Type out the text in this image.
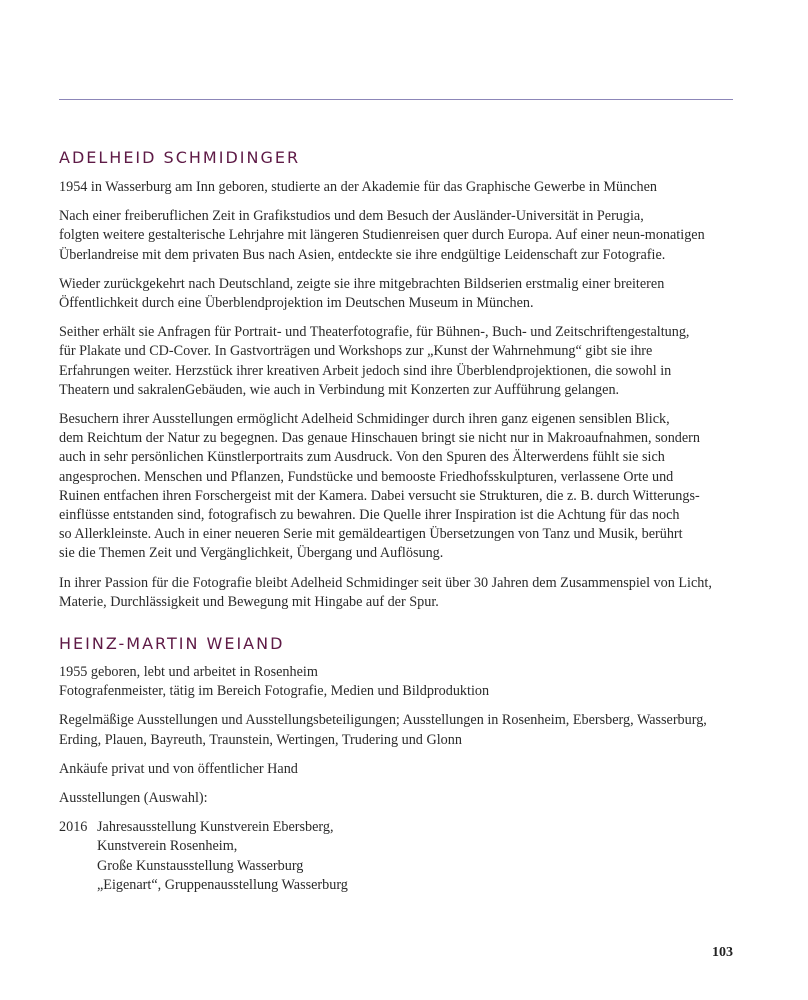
ADELHEID SCHMIDINGER

1954 in Wasserburg am Inn geboren, studierte an der Akademie für das Graphische Gewerbe in München

Nach einer freiberuflichen Zeit in Grafikstudios und dem Besuch der Ausländer-Universität in Perugia,
folgten weitere gestalterische Lehrjahre mit längeren Studienreisen quer durch Europa. Auf einer neun-monatigen
Überlandreise mit dem privaten Bus nach Asien, entdeckte sie ihre endgültige Leidenschaft zur Fotografie.

Wieder zurückgekehrt nach Deutschland, zeigte sie ihre mitgebrachten Bildserien erstmalig einer breiteren
Öffentlichkeit durch eine Überblendprojektion im Deutschen Museum in München.

Seither erhält sie Anfragen für Portrait- und Theaterfotografie, für Bühnen-, Buch- und Zeitschriftengestaltung,
für Plakate und CD-Cover. In Gastvorträgen und Workshops zur „Kunst der Wahrnehmung“ gibt sie ihre
Erfahrungen weiter. Herzstück ihrer kreativen Arbeit jedoch sind ihre Überblendprojektionen, die sowohl in
Theatern und sakralenGebäuden, wie auch in Verbindung mit Konzerten zur Aufführung gelangen.

Besuchern ihrer Ausstellungen ermöglicht Adelheid Schmidinger durch ihren ganz eigenen sensiblen Blick,
dem Reichtum der Natur zu begegnen. Das genaue Hinschauen bringt sie nicht nur in Makroaufnahmen, sondern
auch in sehr persönlichen Künstlerportraits zum Ausdruck. Von den Spuren des Älterwerdens fühlt sie sich
angesprochen. Menschen und Pflanzen, Fundstücke und bemooste Friedhofsskulpturen, verlassene Orte und
Ruinen entfachen ihren Forschergeist mit der Kamera. Dabei versucht sie Strukturen, die z. B. durch Witterungs-
einflüsse entstanden sind, fotografisch zu bewahren. Die Quelle ihrer Inspiration ist die Achtung für das noch
so Allerkleinste. Auch in einer neueren Serie mit gemäldeartigen Übersetzungen von Tanz und Musik, berührt
sie die Themen Zeit und Vergänglichkeit, Übergang und Auflösung.

In ihrer Passion für die Fotografie bleibt Adelheid Schmidinger seit über 30 Jahren dem Zusammenspiel von Licht,
Materie, Durchlässigkeit und Bewegung mit Hingabe auf der Spur.

HEINZ-MARTIN WEIAND

1955 geboren, lebt und arbeitet in Rosenheim
Fotografenmeister, tätig im Bereich Fotografie, Medien und Bildproduktion

Regelmäßige Ausstellungen und Ausstellungsbeteiligungen; Ausstellungen in Rosenheim, Ebersberg, Wasserburg,
Erding, Plauen, Bayreuth, Traunstein, Wertingen, Trudering und Glonn

Ankäufe privat und von öffentlicher Hand

Ausstellungen (Auswahl):

2016 Jahresausstellung Kunstverein Ebersberg,
Kunstverein Rosenheim,
Große Kunstausstellung Wasserburg
„Eigenart“, Gruppenausstellung Wasserburg
103
